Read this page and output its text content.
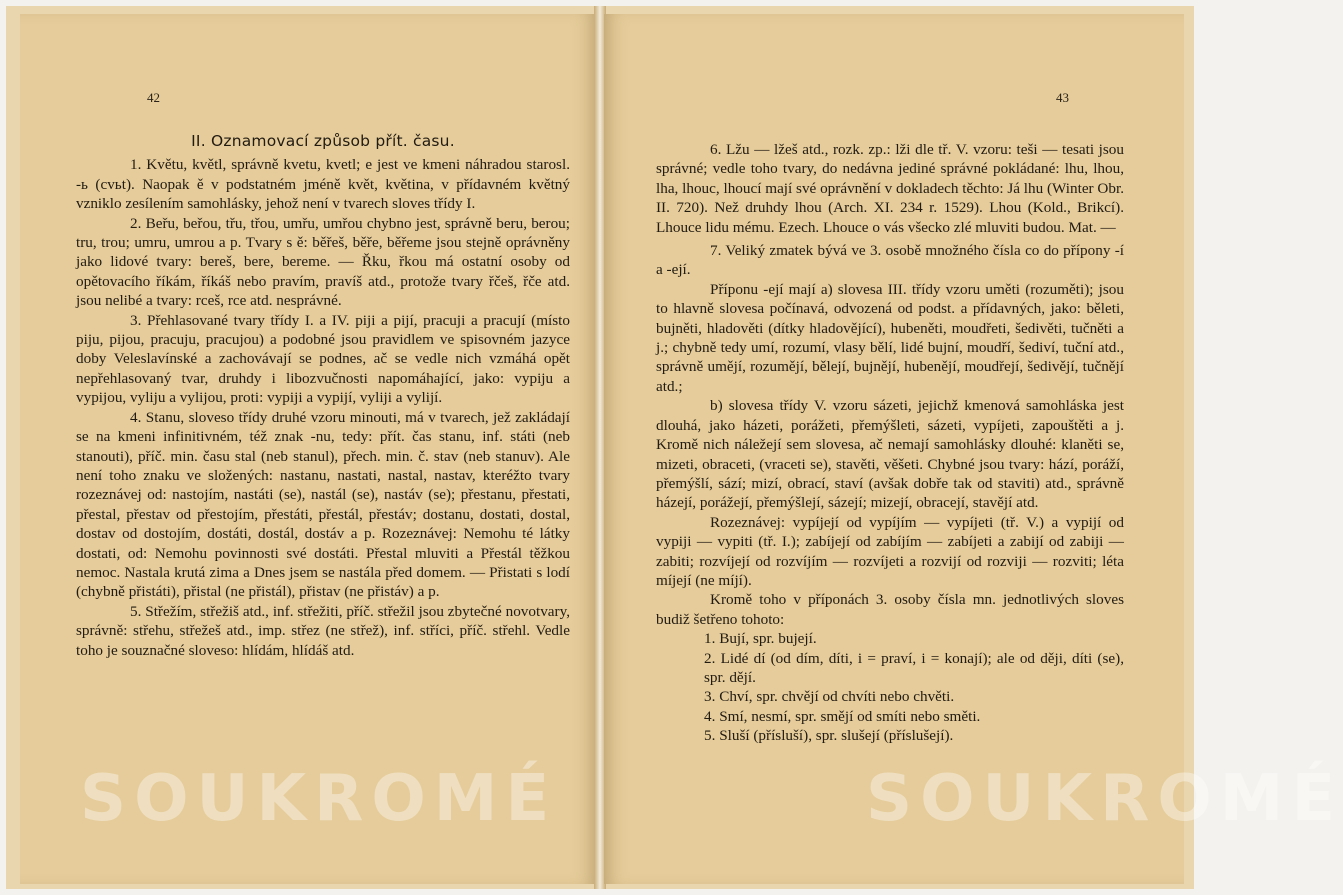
42

II. Oznamovací způsob přít. času.

1. Květu, květl, správně kvetu, kvetl; e jest ve kmeni náhradou starosl. -ь (сvьt). Naopak ě v podstatném jméně květ, květina, v přídavném květný vzniklo zesílením samohlásky, jehož není v tvarech sloves třídy I.

2. Beřu, beřou, třu, třou, umřu, umřou chybno jest, správně beru, berou; tru, trou; umru, umrou a p. Tvary s ě: běřeš, běře, běřeme jsou stejně oprávněny jako lidové tvary: bereš, bere, bereme. — Řku, řkou má ostatní osoby od opětovacího říkám, říkáš nebo pravím, pravíš atd., protože tvary řčeš, řče atd. jsou nelibé a tvary: rceš, rce atd. nesprávné.

3. Přehlasované tvary třídy I. a IV. piji a pijí, pracuji a pracují (místo piju, pijou, pracuju, pracujou) a podobné jsou pravidlem ve spisovném jazyce doby Veleslavínské a zachovávají se podnes, ač se vedle nich vzmáhá opět nepřehlasovaný tvar, druhdy i libozvučnosti napomáhající, jako: vypiju a vypijou, vyliju a vylijou, proti: vypiji a vypijí, vyliji a vylijí.

4. Stanu, sloveso třídy druhé vzoru minouti, má v tvarech, jež zakládají se na kmeni infinitivném, též znak -nu, tedy: přít. čas stanu, inf. státi (neb stanouti), příč. min. času stal (neb stanul), přech. min. č. stav (neb stanuv). Ale není toho znaku ve složených: nastanu, nastati, nastal, nastav, kteréžto tvary rozeznávej od: nastojím, nastáti (se), nastál (se), nastáv (se); přestanu, přestati, přestal, přestav od přestojím, přestáti, přestál, přestáv; dostanu, dostati, dostal, dostav od dostojím, dostáti, dostál, dostáv a p. Rozeznávej: Nemohu té látky dostati, od: Nemohu povinnosti své dostáti. Přestal mluviti a Přestál těžkou nemoc. Nastala krutá zima a Dnes jsem se nastála před domem. — Přistati s lodí (chybně přistáti), přistal (ne přistál), přistav (ne přistáv) a p.

5. Střežím, střežiš atd., inf. střežiti, příč. střežil jsou zbytečné novotvary, správně: střehu, střežeš atd., imp. střez (ne střež), inf. stříci, příč. střehl. Vedle toho je souznačné sloveso: hlídám, hlídáš atd.

SOUKROMÉ
43

6. Lžu — lžeš atd., rozk. zp.: lži dle tř. V. vzoru: teši — tesati jsou správné; vedle toho tvary, do nedávna jediné správné pokládané: lhu, lhou, lha, lhouc, lhoucí mají své oprávnění v dokladech těchto: Já lhu (Winter Obr. II. 720). Než druhdy lhou (Arch. XI. 234 r. 1529). Lhou (Kold., Brikcí). Lhouce lidu mému. Ezech. Lhouce o vás všecko zlé mluviti budou. Mat. —

7. Veliký zmatek bývá ve 3. osobě množného čísla co do přípony -í a -ejí.

Příponu -ejí mají a) slovesa III. třídy vzoru uměti (rozuměti); jsou to hlavně slovesa počínavá, odvozená od podst. a přídavných, jako: běleti, bujněti, hladověti (dítky hladovějící), hubeněti, moudřeti, šedivěti, tučněti a j.; chybně tedy umí, rozumí, vlasy bělí, lidé bujní, moudří, šediví, tuční atd., správně umějí, rozumějí, bělejí, bujnějí, hubenějí, moudřejí, šedivějí, tučnějí atd.;

b) slovesa třídy V. vzoru sázeti, jejichž kmenová samohláska jest dlouhá, jako házeti, porážeti, přemýšleti, sázeti, vypíjeti, zapouštěti a j. Kromě nich náležejí sem slovesa, ač nemají samohlásky dlouhé: klaněti se, mizeti, obraceti, (vraceti se), stavěti, věšeti. Chybné jsou tvary: hází, poráží, přemýšlí, sází; mizí, obrací, staví (avšak dobře tak od staviti) atd., správně házejí, porážejí, přemýšlejí, sázejí; mizejí, obracejí, stavějí atd.

Rozeznávej: vypíjejí od vypíjím — vypíjeti (tř. V.) a vypijí od vypiji — vypiti (tř. I.); zabíjejí od zabíjím — zabíjeti a zabijí od zabiji — zabiti; rozvíjejí od rozvíjím — rozvíjeti a rozvijí od rozviji — rozviti; léta míjejí (ne míjí).

Kromě toho v příponách 3. osoby čísla mn. jednotlivých sloves budiž šetřeno tohoto:

1. Bují, spr. bujejí.

2. Lidé dí (od dím, díti, i = praví, i = konají); ale od ději, díti (se), spr. dějí.

3. Chví, spr. chvějí od chvíti nebo chvěti.

4. Smí, nesmí, spr. smějí od smíti nebo směti.

5. Sluší (přísluší), spr. slušejí (příslušejí).

SOUKROMÉ
